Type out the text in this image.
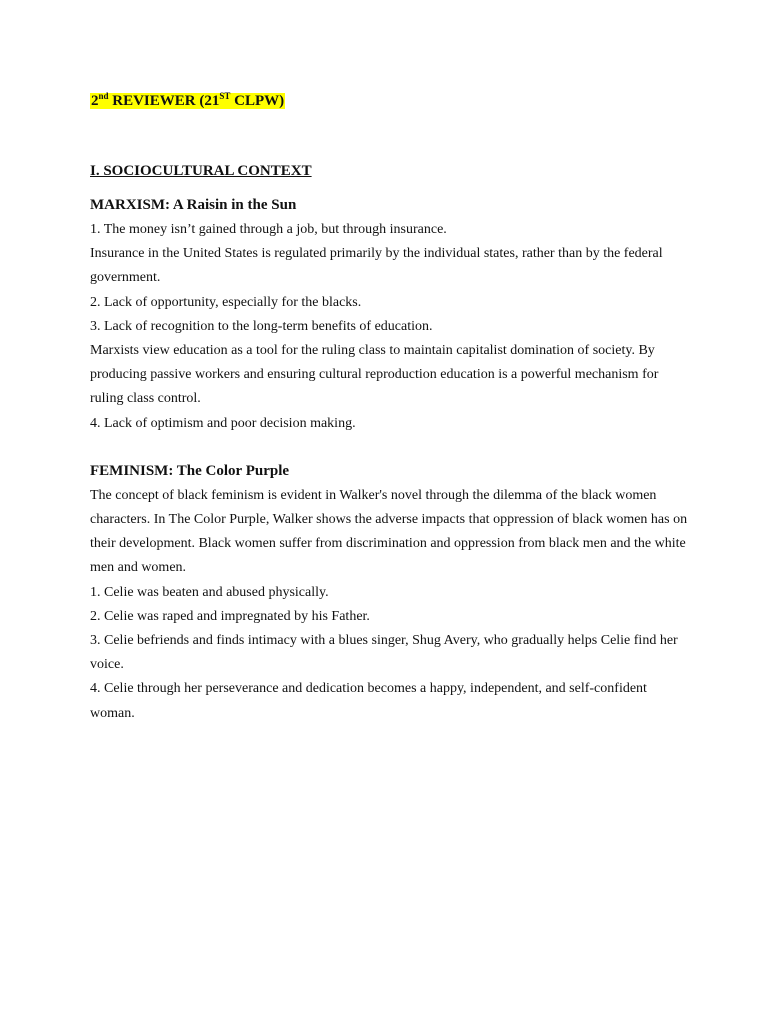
2nd REVIEWER (21ST CLPW)
I. SOCIOCULTURAL CONTEXT
MARXISM: A Raisin in the Sun

1. The money isn’t gained through a job, but through insurance.

Insurance in the United States is regulated primarily by the individual states, rather than by the federal government.

2. Lack of opportunity, especially for the blacks.

3. Lack of recognition to the long-term benefits of education.

Marxists view education as a tool for the ruling class to maintain capitalist domination of society. By producing passive workers and ensuring cultural reproduction education is a powerful mechanism for ruling class control.

4. Lack of optimism and poor decision making.

FEMINISM: The Color Purple

The concept of black feminism is evident in Walker's novel through the dilemma of the black women characters. In The Color Purple, Walker shows the adverse impacts that oppression of black women has on their development. Black women suffer from discrimination and oppression from black men and the white men and women.

1. Celie was beaten and abused physically.

2. Celie was raped and impregnated by his Father.

3. Celie befriends and finds intimacy with a blues singer, Shug Avery, who gradually helps Celie find her voice.

4. Celie through her perseverance and dedication becomes a happy, independent, and self-confident woman.
